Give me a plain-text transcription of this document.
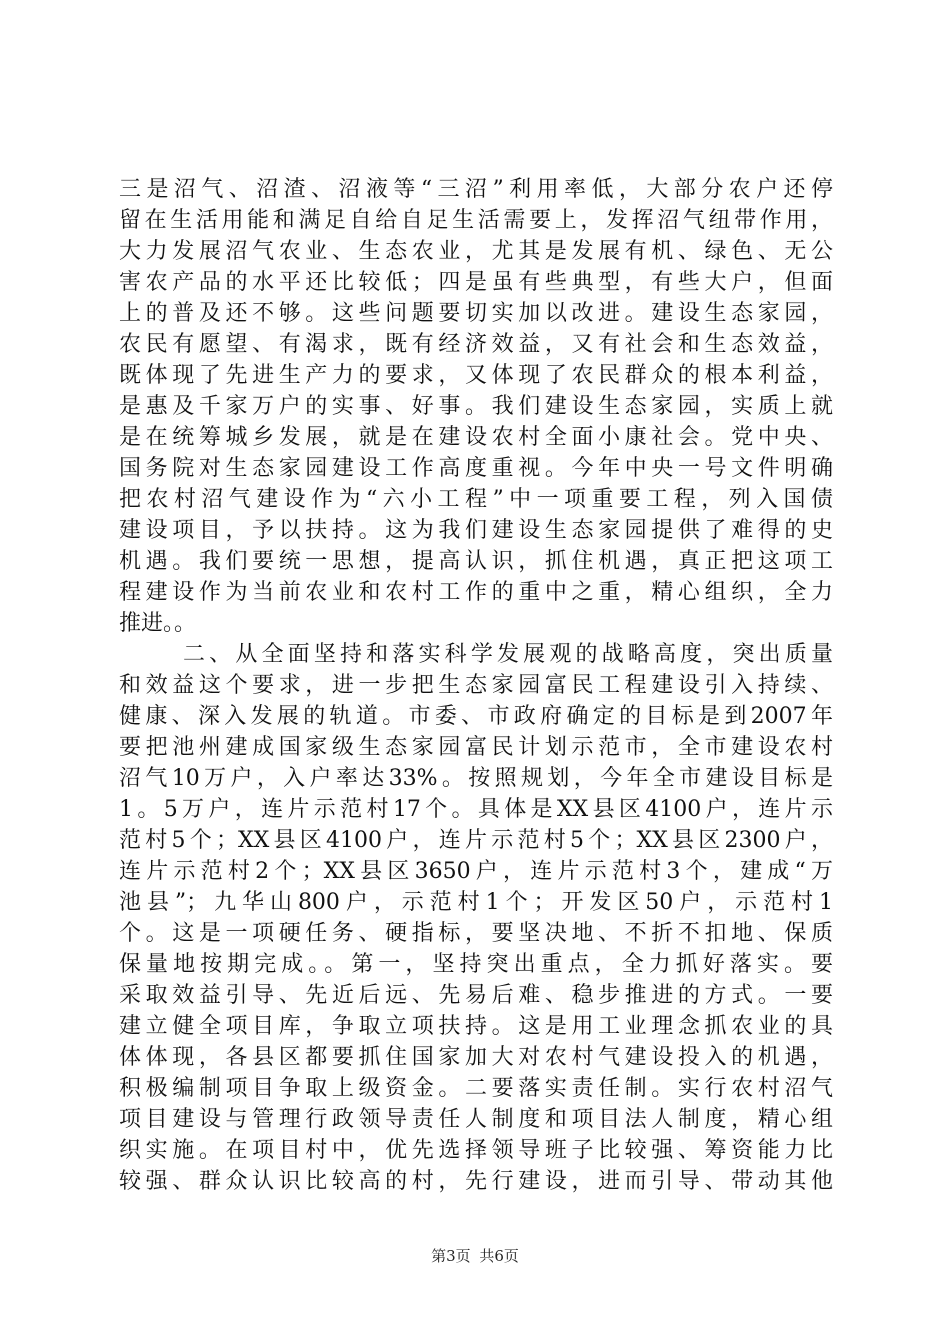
三是沼气、沼渣、沼液等“三沼”利用率低，大部分农户还停
留在生活用能和满足自给自足生活需要上，发挥沼气纽带作用，
大力发展沼气农业、生态农业，尤其是发展有机、绿色、无公
害农产品的水平还比较低；四是虽有些典型，有些大户，但面
上的普及还不够。这些问题要切实加以改进。建设生态家园，
农民有愿望、有渴求，既有经济效益，又有社会和生态效益，
既体现了先进生产力的要求，又体现了农民群众的根本利益，
是惠及千家万户的实事、好事。我们建设生态家园，实质上就
是在统筹城乡发展，就是在建设农村全面小康社会。党中央、
国务院对生态家园建设工作高度重视。今年中央一号文件明确
把农村沼气建设作为“六小工程”中一项重要工程，列入国债
建设项目，予以扶持。这为我们建设生态家园提供了难得的史
机遇。我们要统一思想，提高认识，抓住机遇，真正把这项工
程建设作为当前农业和农村工作的重中之重，精心组织，全力
推进。。
二、从全面坚持和落实科学发展观的战略高度，突出质量
和效益这个要求，进一步把生态家园富民工程建设引入持续、
健康、深入发展的轨道。市委、市政府确定的目标是到2007年
要把池州建成国家级生态家园富民计划示范市，全市建设农村
沼气10万户，入户率达33%。按照规划，今年全市建设目标是
1。5万户，连片示范村17个。具体是XX县区4100户，连片示
范村5个；XX县区4100户，连片示范村5个；XX县区2300户，
连片示范村2个；XX县区3650户，连片示范村3个，建成“万
池县”；九华山800户，示范村1个；开发区50户，示范村1
个。这是一项硬任务、硬指标，要坚决地、不折不扣地、保质
保量地按期完成。。第一，坚持突出重点，全力抓好落实。要
采取效益引导、先近后远、先易后难、稳步推进的方式。一要
建立健全项目库，争取立项扶持。这是用工业理念抓农业的具
体体现，各县区都要抓住国家加大对农村气建设投入的机遇，
积极编制项目争取上级资金。二要落实责任制。实行农村沼气
项目建设与管理行政领导责任人制度和项目法人制度，精心组
织实施。在项目村中，优先选择领导班子比较强、筹资能力比
较强、群众认识比较高的村，先行建设，进而引导、带动其他
第3页 共6页
